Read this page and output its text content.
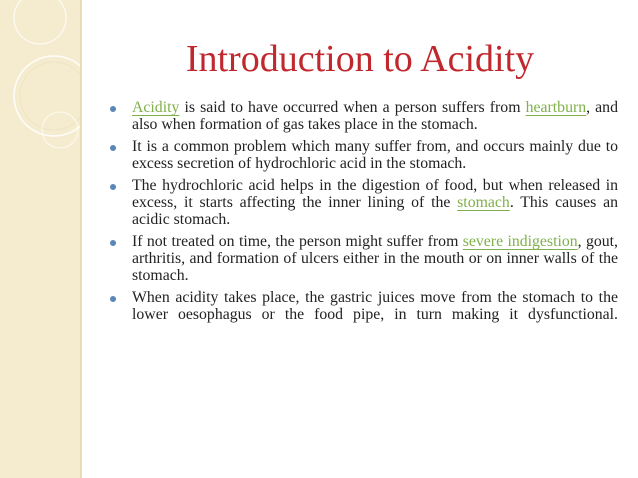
Introduction to Acidity
Acidity is said to have occurred when a person suffers from heartburn, and also when formation of gas takes place in the stomach.
It is a common problem which many suffer from, and occurs mainly due to excess secretion of hydrochloric acid in the stomach.
The hydrochloric acid helps in the digestion of food, but when released in excess, it starts affecting the inner lining of the stomach. This causes an acidic stomach.
If not treated on time, the person might suffer from severe indigestion, gout, arthritis, and formation of ulcers either in the mouth or on inner walls of the stomach.
When acidity takes place, the gastric juices move from the stomach to the lower oesophagus or the food pipe, in turn making it dysfunctional.
